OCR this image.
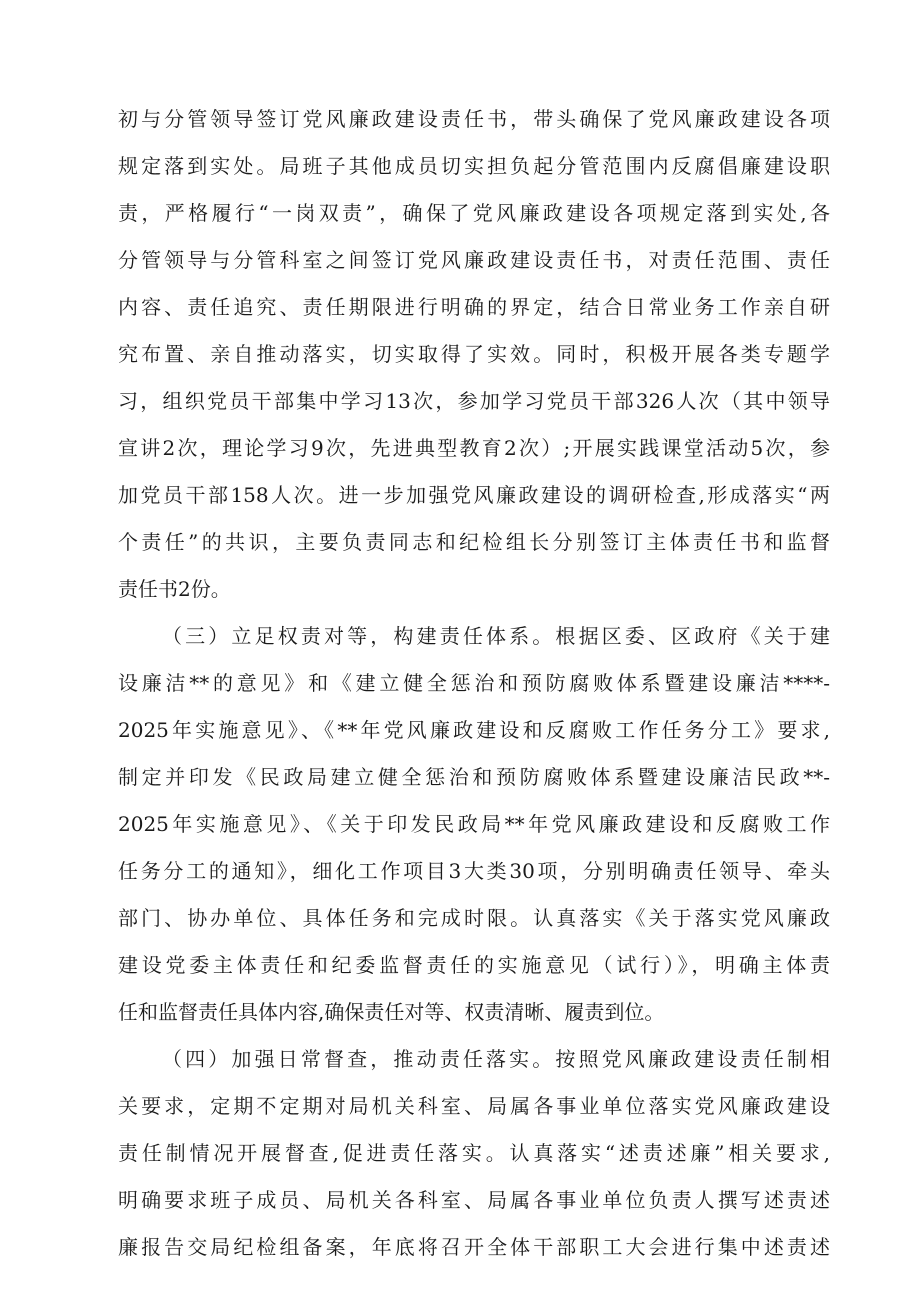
初与分管领导签订党风廉政建设责任书，带头确保了党风廉政建设各项
规定落到实处。局班子其他成员切实担负起分管范围内反腐倡廉建设职
责，严格履行“一岗双责”，确保了党风廉政建设各项规定落到实处,各
分管领导与分管科室之间签订党风廉政建设责任书，对责任范围、责任
内容、责任追究、责任期限进行明确的界定，结合日常业务工作亲自研
究布置、亲自推动落实，切实取得了实效。同时，积极开展各类专题学
习，组织党员干部集中学习13次，参加学习党员干部326人次（其中领导
宣讲2次，理论学习9次，先进典型教育2次）;开展实践课堂活动5次，参
加党员干部158人次。进一步加强党风廉政建设的调研检查,形成落实“两
个责任”的共识，主要负责同志和纪检组长分别签订主体责任书和监督
责任书2份。
（三）立足权责对等，构建责任体系。根据区委、区政府《关于建
设廉洁**的意见》和《建立健全惩治和预防腐败体系暨建设廉洁****-
2025年实施意见》、《**年党风廉政建设和反腐败工作任务分工》要求,
制定并印发《民政局建立健全惩治和预防腐败体系暨建设廉洁民政**-
2025年实施意见》、《关于印发民政局**年党风廉政建设和反腐败工作
任务分工的通知》，细化工作项目3大类30项，分别明确责任领导、牵头
部门、协办单位、具体任务和完成时限。认真落实《关于落实党风廉政
建设党委主体责任和纪委监督责任的实施意见（试行）》，明确主体责
任和监督责任具体内容,确保责任对等、权责清晰、履责到位。
（四）加强日常督查，推动责任落实。按照党风廉政建设责任制相
关要求，定期不定期对局机关科室、局属各事业单位落实党风廉政建设
责任制情况开展督查,促进责任落实。认真落实“述责述廉”相关要求,
明确要求班子成员、局机关各科室、局属各事业单位负责人撰写述责述
廉报告交局纪检组备案，年底将召开全体干部职工大会进行集中述责述
